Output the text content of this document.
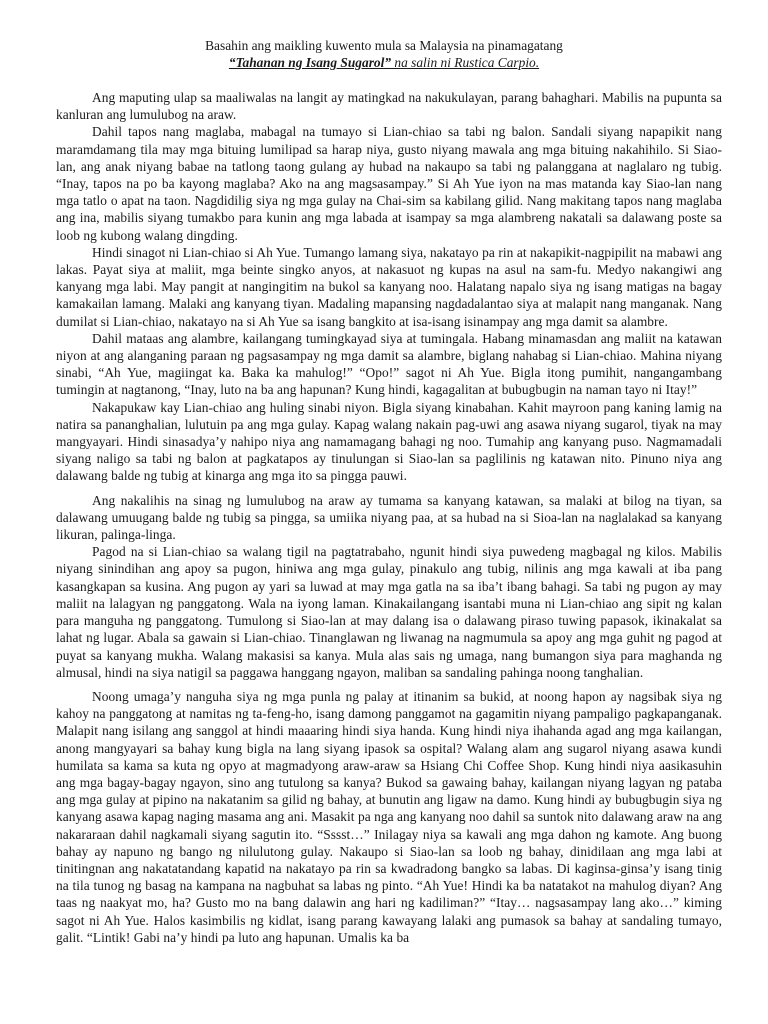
Basahin ang maikling kuwento mula sa Malaysia na pinamagatang
“Tahanan ng Isang Sugarol” na salin ni Rustica Carpio.

Ang maputing ulap sa maaliwalas na langit ay matingkad na nakukulayan, parang bahaghari. Mabilis na pupunta sa kanluran ang lumulubog na araw.

Dahil tapos nang maglaba, mabagal na tumayo si Lian-chiao sa tabi ng balon. Sandali siyang napapikit nang maramdamang tila may mga bituing lumilipad sa harap niya, gusto niyang mawala ang mga bituing nakahihilo. Si Siao-lan, ang anak niyang babae na tatlong taong gulang ay hubad na nakaupo sa tabi ng palanggana at naglalaro ng tubig. “Inay, tapos na po ba kayong maglaba? Ako na ang magsasampay.” Si Ah Yue iyon na mas matanda kay Siao-lan nang mga tatlo o apat na taon. Nagdidilig siya ng mga gulay na Chai-sim sa kabilang gilid. Nang makitang tapos nang maglaba ang ina, mabilis siyang tumakbo para kunin ang mga labada at isampay sa mga alambreng nakatali sa dalawang poste sa loob ng kubong walang dingding.

Hindi sinagot ni Lian-chiao si Ah Yue. Tumango lamang siya, nakatayo pa rin at nakapikit-nagpipilit na mabawi ang lakas. Payat siya at maliit, mga beinte singko anyos, at nakasuot ng kupas na asul na sam-fu. Medyo nakangiwi ang kanyang mga labi. May pangit at nangingitim na bukol sa kanyang noo. Halatang napalo siya ng isang matigas na bagay kamakailan lamang. Malaki ang kanyang tiyan. Madaling mapansing nagdadalantao siya at malapit nang manganak. Nang dumilat si Lian-chiao, nakatayo na si Ah Yue sa isang bangkito at isa-isang isinampay ang mga damit sa alambre.

Dahil mataas ang alambre, kailangang tumingkayad siya at tumingala. Habang minamasdan ang maliit na katawan niyon at ang alanganing paraan ng pagsasampay ng mga damit sa alambre, biglang nahabag si Lian-chiao. Mahina niyang sinabi, “Ah Yue, magiingat ka. Baka ka mahulog!” “Opo!” sagot ni Ah Yue. Bigla itong pumihit, nangangambang tumingin at nagtanong, “Inay, luto na ba ang hapunan? Kung hindi, kagagalitan at bubugbugin na naman tayo ni Itay!”

Nakapukaw kay Lian-chiao ang huling sinabi niyon. Bigla siyang kinabahan. Kahit mayroon pang kaning lamig na natira sa pananghalian, lulutuin pa ang mga gulay. Kapag walang nakain pag-uwi ang asawa niyang sugarol, tiyak na may mangyayari. Hindi sinasadya’y nahipo niya ang namamagang bahagi ng noo. Tumahip ang kanyang puso. Nagmamadali siyang naligo sa tabi ng balon at pagkatapos ay tinulungan si Siao-lan sa paglilinis ng katawan nito. Pinuno niya ang dalawang balde ng tubig at kinarga ang mga ito sa pingga pauwi.

Ang nakalihis na sinag ng lumulubog na araw ay tumama sa kanyang katawan, sa malaki at bilog na tiyan, sa dalawang umuugang balde ng tubig sa pingga, sa umiika niyang paa, at sa hubad na si Sioa-lan na naglalakad sa kanyang likuran, palinga-linga.

Pagod na si Lian-chiao sa walang tigil na pagtatrabaho, ngunit hindi siya puwedeng magbagal ng kilos. Mabilis niyang sinindihan ang apoy sa pugon, hiniwa ang mga gulay, pinakulo ang tubig, nilinis ang mga kawali at iba pang kasangkapan sa kusina. Ang pugon ay yari sa luwad at may mga gatla na sa iba’t ibang bahagi. Sa tabi ng pugon ay may maliit na lalagyan ng panggatong. Wala na iyong laman. Kinakailangang isantabi muna ni Lian-chiao ang sipit ng kalan para manguha ng panggatong. Tumulong si Siao-lan at may dalang isa o dalawang piraso tuwing papasok, ikinakalat sa lahat ng lugar. Abala sa gawain si Lian-chiao. Tinanglawan ng liwanag na nagmumula sa apoy ang mga guhit ng pagod at puyat sa kanyang mukha. Walang makasisi sa kanya. Mula alas sais ng umaga, nang bumangon siya para maghanda ng almusal, hindi na siya natigil sa paggawa hanggang ngayon, maliban sa sandaling pahinga noong tanghalian.

Noong umaga’y nanguha siya ng mga punla ng palay at itinanim sa bukid, at noong hapon ay nagsibak siya ng kahoy na panggatong at namitas ng ta-feng-ho, isang damong panggamot na gagamitin niyang pampaligo pagkapanganak. Malapit nang isilang ang sanggol at hindi maaaring hindi siya handa. Kung hindi niya ihahanda agad ang mga kailangan, anong mangyayari sa bahay kung bigla na lang siyang ipasok sa ospital? Walang alam ang sugarol niyang asawa kundi humilata sa kama sa kuta ng opyo at magmadyong araw-araw sa Hsiang Chi Coffee Shop. Kung hindi niya aasikasuhin ang mga bagay-bagay ngayon, sino ang tutulong sa kanya? Bukod sa gawaing bahay, kailangan niyang lagyan ng pataba ang mga gulay at pipino na nakatanim sa gilid ng bahay, at bunutin ang ligaw na damo. Kung hindi ay bubugbugin siya ng kanyang asawa kapag naging masama ang ani. Masakit pa nga ang kanyang noo dahil sa suntok nito dalawang araw na ang nakararaan dahil nagkamali siyang sagutin ito. “Sssst…” Inilagay niya sa kawali ang mga dahon ng kamote. Ang buong bahay ay napuno ng bango ng nilulutong gulay. Nakaupo si Siao-lan sa loob ng bahay, dinidilaan ang mga labi at tinitingnan ang nakatatandang kapatid na nakatayo pa rin sa kwadradong bangko sa labas. Di kaginsa-ginsa’y isang tinig na tila tunog ng basag na kampana na nagbuhat sa labas ng pinto. “Ah Yue! Hindi ka ba natatakot na mahulog diyan? Ang taas ng naakyat mo, ha? Gusto mo na bang dalawin ang hari ng kadiliman?” “Itay… nagsasampay lang ako…” kiming sagot ni Ah Yue. Halos kasimbilis ng kidlat, isang parang kawayang lalaki ang pumasok sa bahay at sandaling tumayo, galit. “Lintik! Gabi na’y hindi pa luto ang hapunan. Umalis ka ba
